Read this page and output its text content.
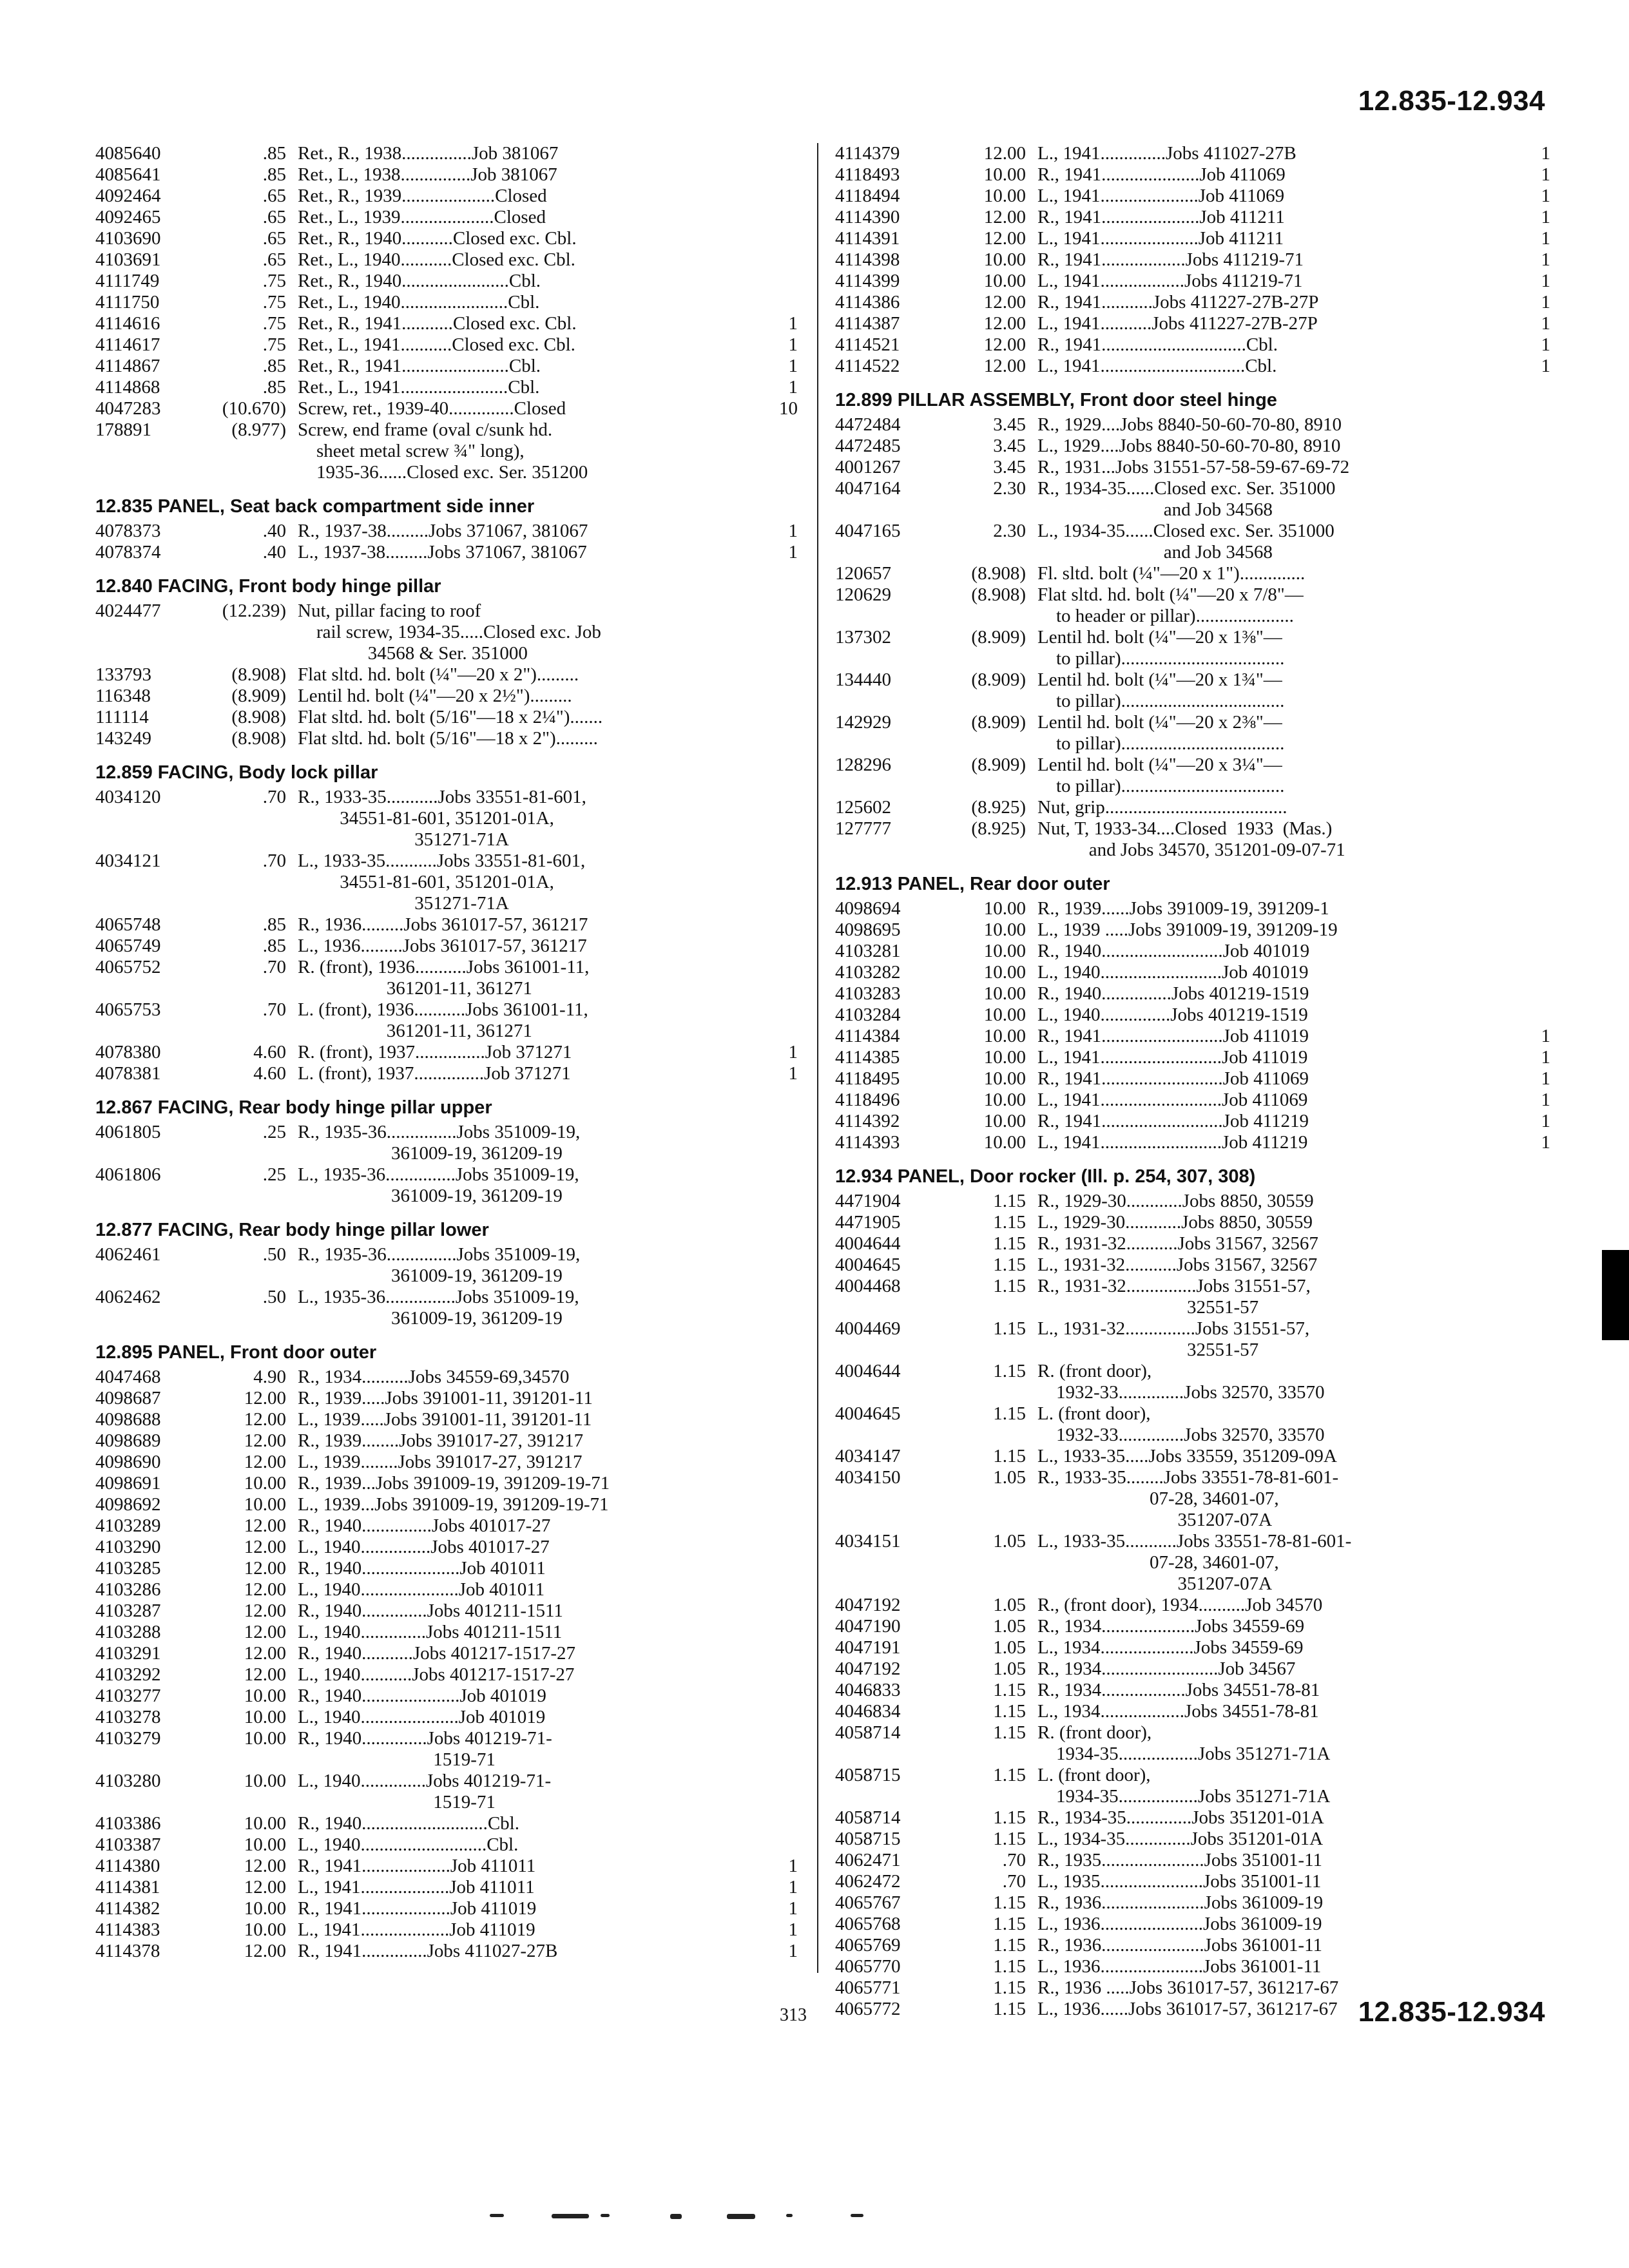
12.835-12.934
4085640	.85 Ret., R., 1938...............Job 381067
4085641	.85 Ret., L., 1938...............Job 381067
4092464	.65 Ret., R., 1939....................Closed
4092465	.65 Ret., L., 1939....................Closed
4103690	.65 Ret., R., 1940...........Closed exc. Cbl.
4103691	.65 Ret., L., 1940...........Closed exc. Cbl.
4111749	.75 Ret., R., 1940.......................Cbl.
4111750	.75 Ret., L., 1940.......................Cbl.
4114616	.75 Ret., R., 1941...........Closed exc. Cbl.	1
4114617	.75 Ret., L., 1941...........Closed exc. Cbl.	1
4114867	.85 Ret., R., 1941.......................Cbl.	1
4114868	.85 Ret., L., 1941.......................Cbl.	1
4047283	(10.670) Screw, ret., 1939-40..............Closed	10
178891	(8.977) Screw, end frame (oval c/sunk hd.
sheet metal screw ¾" long),
1935-36......Closed exc. Ser. 351200
12.835 PANEL, Seat back compartment side inner
4078373	.40 R., 1937-38.........Jobs 371067, 381067	1
4078374	.40 L., 1937-38.........Jobs 371067, 381067	1
12.840 FACING, Front body hinge pillar
4024477	(12.239) Nut, pillar facing to roof
rail screw, 1934-35.....Closed exc. Job
34568 & Ser. 351000
133793	(8.908) Flat sltd. hd. bolt (¼"—20 x 2").........
116348	(8.909) Lentil hd. bolt (¼"—20 x 2½").........
111114	(8.908) Flat sltd. hd. bolt (5/16"—18 x 2¼").......
143249	(8.908) Flat sltd. hd. bolt (5/16"—18 x 2").........
12.859 FACING, Body lock pillar
4034120	.70 R., 1933-35...........Jobs 33551-81-601,
34551-81-601, 351201-01A,
351271-71A
4034121	.70 L., 1933-35...........Jobs 33551-81-601,
34551-81-601, 351201-01A,
351271-71A
4065748	.85 R., 1936.........Jobs 361017-57, 361217
4065749	.85 L., 1936.........Jobs 361017-57, 361217
4065752	.70 R. (front), 1936...........Jobs 361001-11,
361201-11, 361271
4065753	.70 L. (front), 1936...........Jobs 361001-11,
361201-11, 361271
4078380	4.60 R. (front), 1937...............Job 371271	1
4078381	4.60 L. (front), 1937...............Job 371271	1
12.867 FACING, Rear body hinge pillar upper
4061805	.25 R., 1935-36...............Jobs 351009-19,
361009-19, 361209-19
4061806	.25 L., 1935-36...............Jobs 351009-19,
361009-19, 361209-19
12.877 FACING, Rear body hinge pillar lower
4062461	.50 R., 1935-36...............Jobs 351009-19,
361009-19, 361209-19
4062462	.50 L., 1935-36...............Jobs 351009-19,
361009-19, 361209-19
12.895 PANEL, Front door outer
4047468	4.90 R., 1934..........Jobs 34559-69,34570
4098687	12.00 R., 1939.....Jobs 391001-11, 391201-11
4098688	12.00 L., 1939.....Jobs 391001-11, 391201-11
4098689	12.00 R., 1939........Jobs 391017-27, 391217
4098690	12.00 L., 1939........Jobs 391017-27, 391217
4098691	10.00 R., 1939...Jobs 391009-19, 391209-19-71
4098692	10.00 L., 1939...Jobs 391009-19, 391209-19-71
4103289	12.00 R., 1940...............Jobs 401017-27
4103290	12.00 L., 1940...............Jobs 401017-27
4103285	12.00 R., 1940.....................Job 401011
4103286	12.00 L., 1940.....................Job 401011
4103287	12.00 R., 1940..............Jobs 401211-1511
4103288	12.00 L., 1940..............Jobs 401211-1511
4103291	12.00 R., 1940...........Jobs 401217-1517-27
4103292	12.00 L., 1940...........Jobs 401217-1517-27
4103277	10.00 R., 1940.....................Job 401019
4103278	10.00 L., 1940.....................Job 401019
4103279	10.00 R., 1940..............Jobs 401219-71-
1519-71
4103280	10.00 L., 1940..............Jobs 401219-71-
1519-71
4103386	10.00 R., 1940...........................Cbl.
4103387	10.00 L., 1940...........................Cbl.
4114380	12.00 R., 1941...................Job 411011	1
4114381	12.00 L., 1941...................Job 411011	1
4114382	10.00 R., 1941...................Job 411019	1
4114383	10.00 L., 1941...................Job 411019	1
4114378	12.00 R., 1941..............Jobs 411027-27B	1
4114379	12.00 L., 1941..............Jobs 411027-27B	1
4118493	10.00 R., 1941.....................Job 411069	1
4118494	10.00 L., 1941.....................Job 411069	1
4114390	12.00 R., 1941.....................Job 411211	1
4114391	12.00 L., 1941.....................Job 411211	1
4114398	10.00 R., 1941..................Jobs 411219-71	1
4114399	10.00 L., 1941..................Jobs 411219-71	1
4114386	12.00 R., 1941...........Jobs 411227-27B-27P	1
4114387	12.00 L., 1941...........Jobs 411227-27B-27P	1
4114521	12.00 R., 1941...............................Cbl.	1
4114522	12.00 L., 1941...............................Cbl.	1
12.899 PILLAR ASSEMBLY, Front door steel hinge
4472484	3.45 R., 1929....Jobs 8840-50-60-70-80, 8910
4472485	3.45 L., 1929....Jobs 8840-50-60-70-80, 8910
4001267	3.45 R., 1931...Jobs 31551-57-58-59-67-69-72
4047164	2.30 R., 1934-35......Closed exc. Ser. 351000
and Job 34568
4047165	2.30 L., 1934-35......Closed exc. Ser. 351000
and Job 34568
120657	(8.908) Fl. sltd. bolt (¼"—20 x 1")..............
120629	(8.908) Flat sltd. hd. bolt (¼"—20 x 7/8"—
to header or pillar).....................
137302	(8.909) Lentil hd. bolt (¼"—20 x 1⅜"—
to pillar)...................................
134440	(8.909) Lentil hd. bolt (¼"—20 x 1¾"—
to pillar)...................................
142929	(8.909) Lentil hd. bolt (¼"—20 x 2⅜"—
to pillar)...................................
128296	(8.909) Lentil hd. bolt (¼"—20 x 3¼"—
to pillar)...................................
125602	(8.925) Nut, grip.......................................
127777	(8.925) Nut, T, 1933-34....Closed  1933  (Mas.)
and Jobs 34570, 351201-09-07-71
12.913 PANEL, Rear door outer
4098694	10.00 R., 1939......Jobs 391009-19, 391209-1
4098695	10.00 L., 1939 .....Jobs 391009-19, 391209-19
4103281	10.00 R., 1940..........................Job 401019
4103282	10.00 L., 1940..........................Job 401019
4103283	10.00 R., 1940...............Jobs 401219-1519
4103284	10.00 L., 1940...............Jobs 401219-1519
4114384	10.00 R., 1941..........................Job 411019	1
4114385	10.00 L., 1941..........................Job 411019	1
4118495	10.00 R., 1941..........................Job 411069	1
4118496	10.00 L., 1941..........................Job 411069	1
4114392	10.00 R., 1941..........................Job 411219	1
4114393	10.00 L., 1941..........................Job 411219	1
12.934 PANEL, Door rocker (Ill. p. 254, 307, 308)
4471904	1.15 R., 1929-30............Jobs 8850, 30559
4471905	1.15 L., 1929-30............Jobs 8850, 30559
4004644	1.15 R., 1931-32...........Jobs 31567, 32567
4004645	1.15 L., 1931-32...........Jobs 31567, 32567
4004468	1.15 R., 1931-32...............Jobs 31551-57,
32551-57
4004469	1.15 L., 1931-32...............Jobs 31551-57,
32551-57
4004644	1.15 R. (front door),
1932-33..............Jobs 32570, 33570
4004645	1.15 L. (front door),
1932-33..............Jobs 32570, 33570
4034147	1.15 L., 1933-35.....Jobs 33559, 351209-09A
4034150	1.05 R., 1933-35........Jobs 33551-78-81-601-
07-28, 34601-07,
351207-07A
4034151	1.05 L., 1933-35...........Jobs 33551-78-81-601-
07-28, 34601-07,
351207-07A
4047192	1.05 R., (front door), 1934..........Job 34570
4047190	1.05 R., 1934....................Jobs 34559-69
4047191	1.05 L., 1934....................Jobs 34559-69
4047192	1.05 R., 1934.........................Job 34567
4046833	1.15 R., 1934..................Jobs 34551-78-81
4046834	1.15 L., 1934..................Jobs 34551-78-81
4058714	1.15 R. (front door),
1934-35.................Jobs 351271-71A
4058715	1.15 L. (front door),
1934-35.................Jobs 351271-71A
4058714	1.15 R., 1934-35..............Jobs 351201-01A
4058715	1.15 L., 1934-35..............Jobs 351201-01A
4062471	.70 R., 1935......................Jobs 351001-11
4062472	.70 L., 1935......................Jobs 351001-11
4065767	1.15 R., 1936......................Jobs 361009-19
4065768	1.15 L., 1936......................Jobs 361009-19
4065769	1.15 R., 1936......................Jobs 361001-11
4065770	1.15 L., 1936......................Jobs 361001-11
4065771	1.15 R., 1936 .....Jobs 361017-57, 361217-67
4065772	1.15 L., 1936......Jobs 361017-57, 361217-67
313	12.835-12.934
